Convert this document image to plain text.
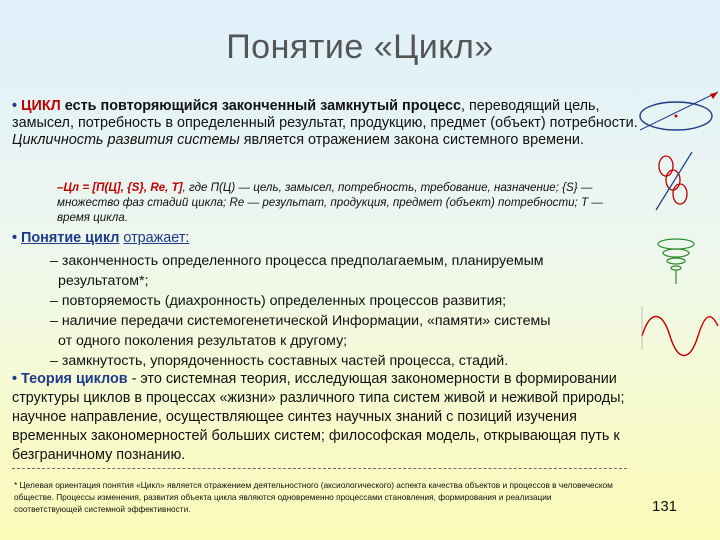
Понятие «Цикл»
• ЦИКЛ есть повторяющийся законченный замкнутый процесс, переводящий цель, замысел, потребность в определенный результат, продукцию, предмет (объект) потребности. Цикличность развития системы является отражением закона системного времени.
–Цл = [П(Ц], {S}, Re, T], где П(Ц) — цель, замысел, потребность, требование, назначение; {S} — множество фаз стадий цикла; Re — результат, продукция, предмет (объект) потребности; Т — время цикла.
• Понятие цикл отражает:
– законченность определенного процесса предполагаемым, планируемым
результатом*;
– повторяемость (диахронность) определенных процессов развития;
– наличие передачи системогенетической Информации, «памяти» системы
от одного поколения результатов к другому;
– замкнутость, упорядоченность составных частей процесса, стадий.
• Теория циклов - это системная теория, исследующая закономерности в формировании структуры циклов в процессах «жизни» различного типа систем живой и неживой природы; научное направление, осуществляющее синтез научных знаний с позиций изучения временных закономерностей больших систем; философская модель, открывающая путь к безграничному познанию.
* Целевая ориентация понятия «Цикл» является отражением деятельностного (аксиологического) аспекта качества объектов и процессов в человеческом обществе. Процессы изменения, развития объекта цикла являются одновременно процессами становления, формирования и реализации соответствующей системной эффективности.	131
